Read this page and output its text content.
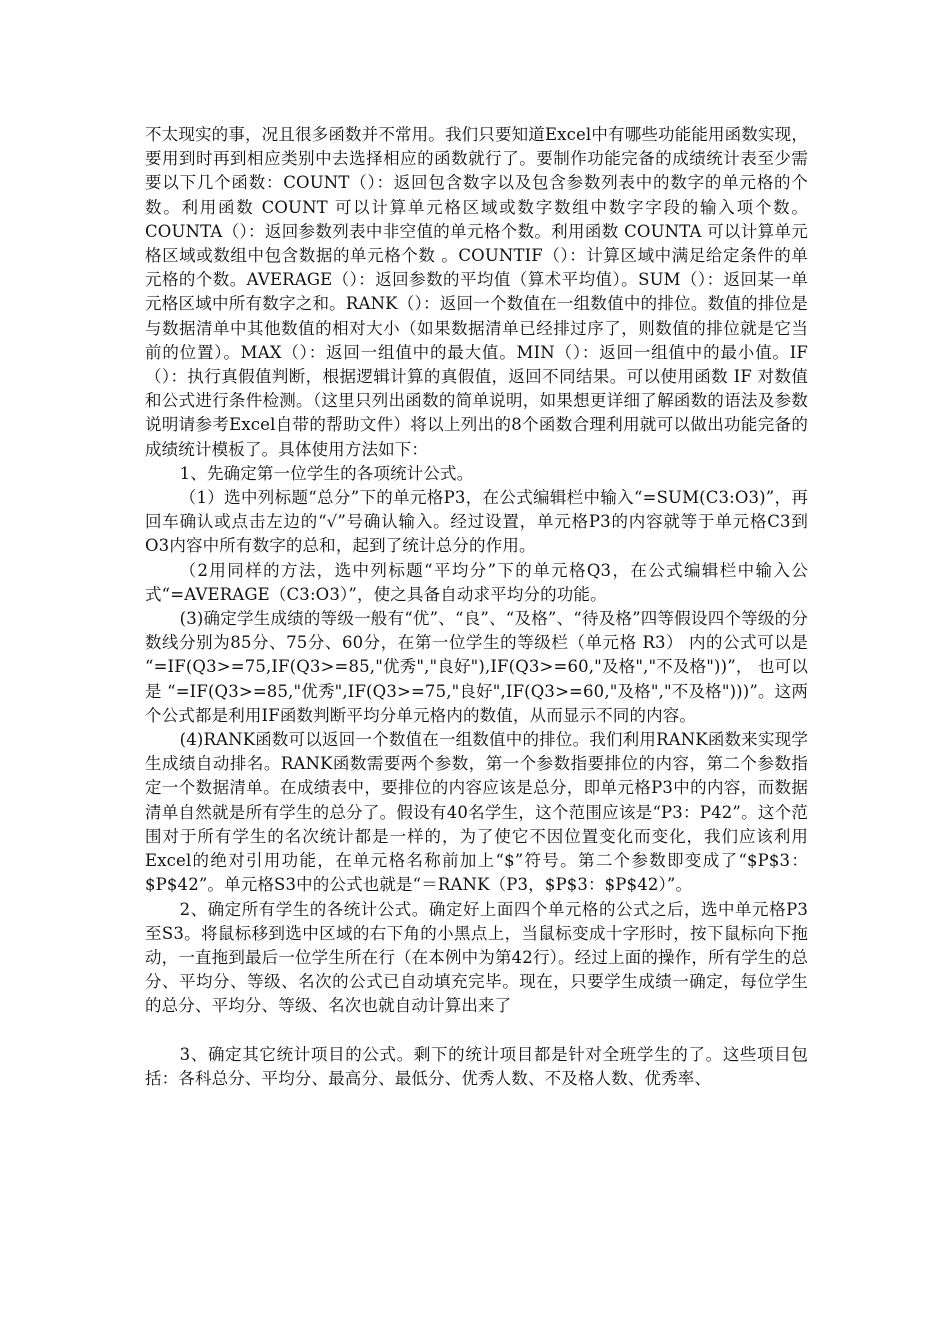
不太现实的事，况且很多函数并不常用。我们只要知道Excel中有哪些功能能用函数实现，要用到时再到相应类别中去选择相应的函数就行了。要制作功能完备的成绩统计表至少需要以下几个函数：COUNT（）：返回包含数字以及包含参数列表中的数字的单元格的个数。利用函数 COUNT 可以计算单元格区域或数字数组中数字字段的输入项个数。COUNTA（）：返回参数列表中非空值的单元格个数。利用函数 COUNTA 可以计算单元格区域或数组中包含数据的单元格个数 。COUNTIF（）：计算区域中满足给定条件的单元格的个数。AVERAGE（）：返回参数的平均值（算术平均值）。SUM（）：返回某一单元格区域中所有数字之和。RANK（）：返回一个数值在一组数值中的排位。数值的排位是与数据清单中其他数值的相对大小（如果数据清单已经排过序了，则数值的排位就是它当前的位置）。MAX（）：返回一组值中的最大值。MIN（）：返回一组值中的最小值。IF（）：执行真假值判断，根据逻辑计算的真假值，返回不同结果。可以使用函数 IF 对数值和公式进行条件检测。（这里只列出函数的简单说明，如果想更详细了解函数的语法及参数说明请参考Excel自带的帮助文件）将以上列出的8个函数合理利用就可以做出功能完备的成绩统计模板了。具体使用方法如下：

1、先确定第一位学生的各项统计公式。

（1）选中列标题“总分”下的单元格P3，在公式编辑栏中输入“=SUM(C3:O3)”，再回车确认或点击左边的“√”号确认输入。经过设置，单元格P3的内容就等于单元格C3到O3内容中所有数字的总和，起到了统计总分的作用。

（2用同样的方法，选中列标题“平均分”下的单元格Q3，在公式编辑栏中输入公式“=AVERAGE（C3:O3）”，使之具备自动求平均分的功能。

(3)确定学生成绩的等级一般有“优”、“良”、“及格”、“待及格”四等假设四个等级的分数线分别为85分、75分、60分，在第一位学生的等级栏（单元格 R3） 内的公式可以是 “=IF(Q3>=75,IF(Q3>=85,"优秀","良好"),IF(Q3>=60,"及格","不及格"))”， 也可以是 “=IF(Q3>=85,"优秀",IF(Q3>=75,"良好",IF(Q3>=60,"及格","不及格")))”。这两个公式都是利用IF函数判断平均分单元格内的数值，从而显示不同的内容。

(4)RANK函数可以返回一个数值在一组数值中的排位。我们利用RANK函数来实现学生成绩自动排名。RANK函数需要两个参数，第一个参数指要排位的内容，第二个参数指定一个数据清单。在成绩表中，要排位的内容应该是总分，即单元格P3中的内容，而数据清单自然就是所有学生的总分了。假设有40名学生，这个范围应该是“P3：P42”。这个范围对于所有学生的名次统计都是一样的，为了使它不因位置变化而变化，我们应该利用Excel的绝对引用功能，在单元格名称前加上“$”符号。第二个参数即变成了“$P$3：$P$42”。单元格S3中的公式也就是“＝RANK（P3，$P$3：$P$42）”。

2、确定所有学生的各统计公式。确定好上面四个单元格的公式之后，选中单元格P3至S3。将鼠标移到选中区域的右下角的小黑点上，当鼠标变成十字形时，按下鼠标向下拖动，一直拖到最后一位学生所在行（在本例中为第42行）。经过上面的操作，所有学生的总分、平均分、等级、名次的公式已自动填充完毕。现在，只要学生成绩一确定，每位学生的总分、平均分、等级、名次也就自动计算出来了

3、确定其它统计项目的公式。剩下的统计项目都是针对全班学生的了。这些项目包括：各科总分、平均分、最高分、最低分、优秀人数、不及格人数、优秀率、
